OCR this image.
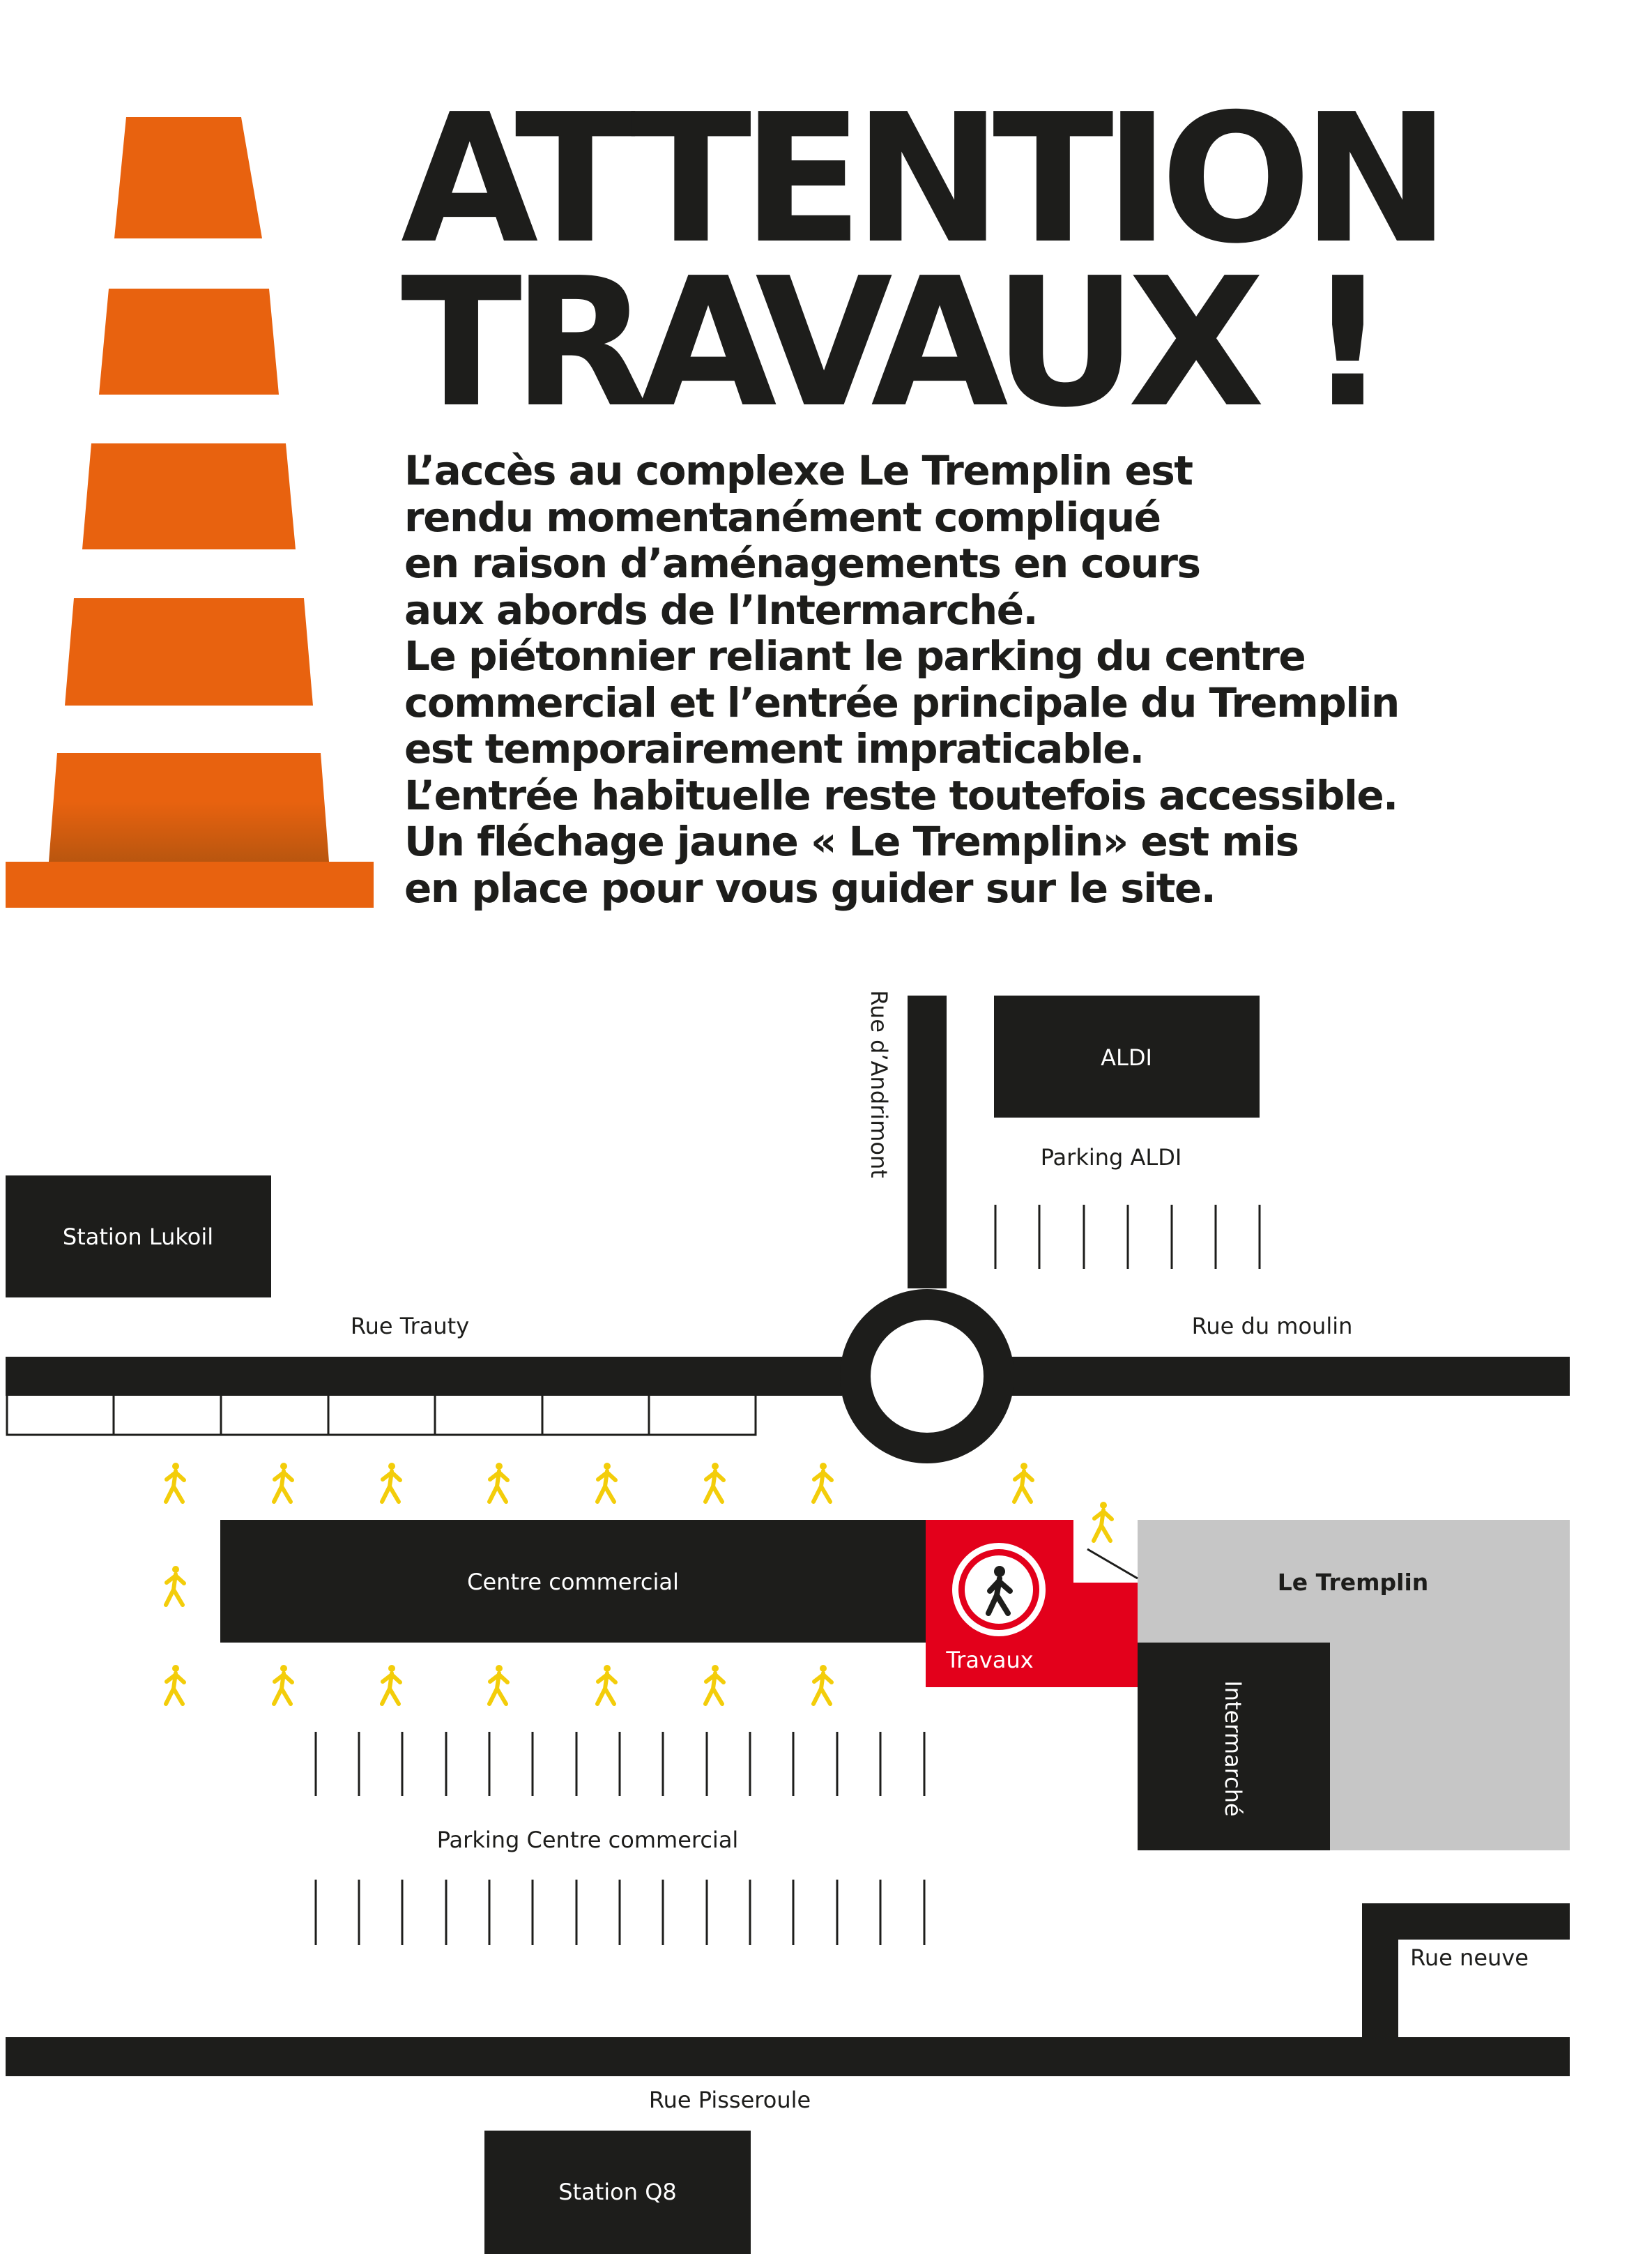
ALDI
Parking ALDI
Station Lukoil
Rue Trauty	Rue du moulin
Rue d’Andrimont
Centre commercial	Le Tremplin
Travaux
Intermarché
Parking Centre commercial
Rue neuve
Rue Pisseroule
Station Q8
ATTENTION
TRAVAUX !
L’accès au complexe Le Tremplin est
rendu momentanément compliqué
en raison d’aménagements en cours
aux abords de l’Intermarché.
Le piétonnier reliant le parking du centre
commercial et l’entrée principale du Tremplin
est temporairement impraticable.
L’entrée habituelle reste toutefois accessible.
Un fléchage jaune « Le Tremplin» est mis
en place pour vous guider sur le site.
